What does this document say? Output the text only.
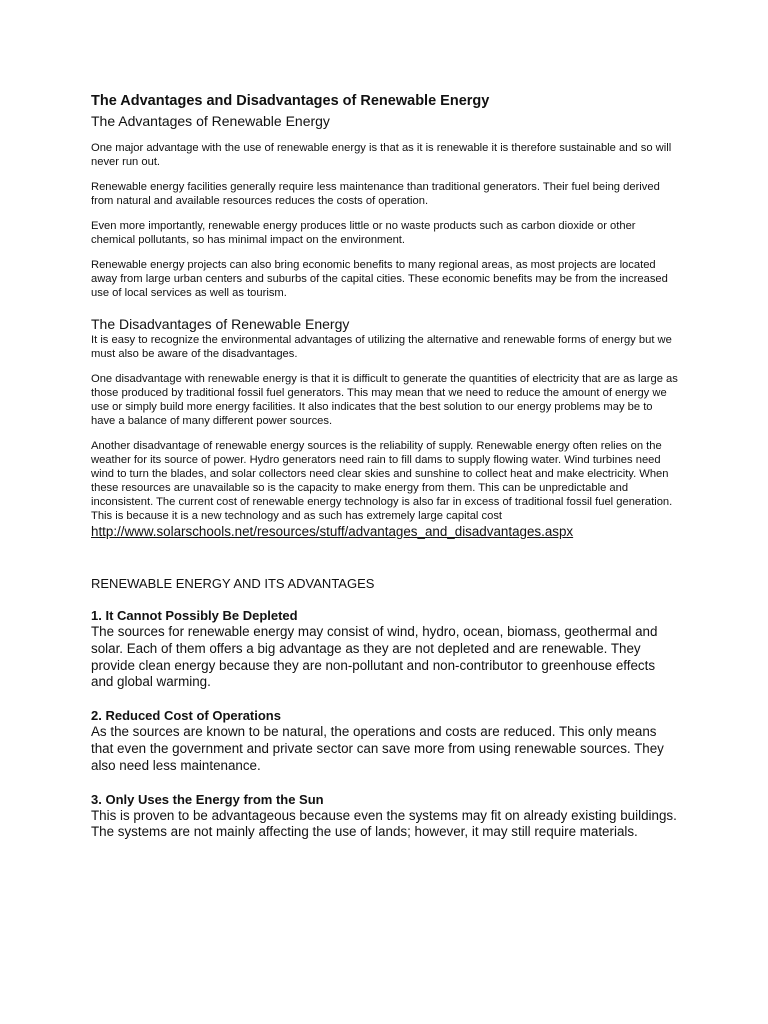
The Advantages and Disadvantages of Renewable Energy
The Advantages of Renewable Energy

One major advantage with the use of renewable energy is that as it is renewable it is therefore sustainable and so will never run out.

Renewable energy facilities generally require less maintenance than traditional generators. Their fuel being derived from natural and available resources reduces the costs of operation.

Even more importantly, renewable energy produces little or no waste products such as carbon dioxide or other chemical pollutants, so has minimal impact on the environment.

Renewable energy projects can also bring economic benefits to many regional areas, as most projects are located away from large urban centers and suburbs of the capital cities. These economic benefits may be from the increased use of local services as well as tourism.

The Disadvantages of Renewable Energy

It is easy to recognize the environmental advantages of utilizing the alternative and renewable forms of energy but we must also be aware of the disadvantages.

One disadvantage with renewable energy is that it is difficult to generate the quantities of electricity that are as large as those produced by traditional fossil fuel generators. This may mean that we need to reduce the amount of energy we use or simply build more energy facilities. It also indicates that the best solution to our energy problems may be to have a balance of many different power sources.

Another disadvantage of renewable energy sources is the reliability of supply. Renewable energy often relies on the weather for its source of power. Hydro generators need rain to fill dams to supply flowing water. Wind turbines need wind to turn the blades, and solar collectors need clear skies and sunshine to collect heat and make electricity. When these resources are unavailable so is the capacity to make energy from them. This can be unpredictable and inconsistent. The current cost of renewable energy technology is also far in excess of traditional fossil fuel generation. This is because it is a new technology and as such has extremely large capital cost

http://www.solarschools.net/resources/stuff/advantages_and_disadvantages.aspx
RENEWABLE ENERGY AND ITS ADVANTAGES
1. It Cannot Possibly Be Depleted

The sources for renewable energy may consist of wind, hydro, ocean, biomass, geothermal and solar. Each of them offers a big advantage as they are not depleted and are renewable. They provide clean energy because they are non-pollutant and non-contributor to greenhouse effects and global warming.

2. Reduced Cost of Operations

As the sources are known to be natural, the operations and costs are reduced. This only means that even the government and private sector can save more from using renewable sources. They also need less maintenance.

3. Only Uses the Energy from the Sun

This is proven to be advantageous because even the systems may fit on already existing buildings. The systems are not mainly affecting the use of lands; however, it may still require materials.
